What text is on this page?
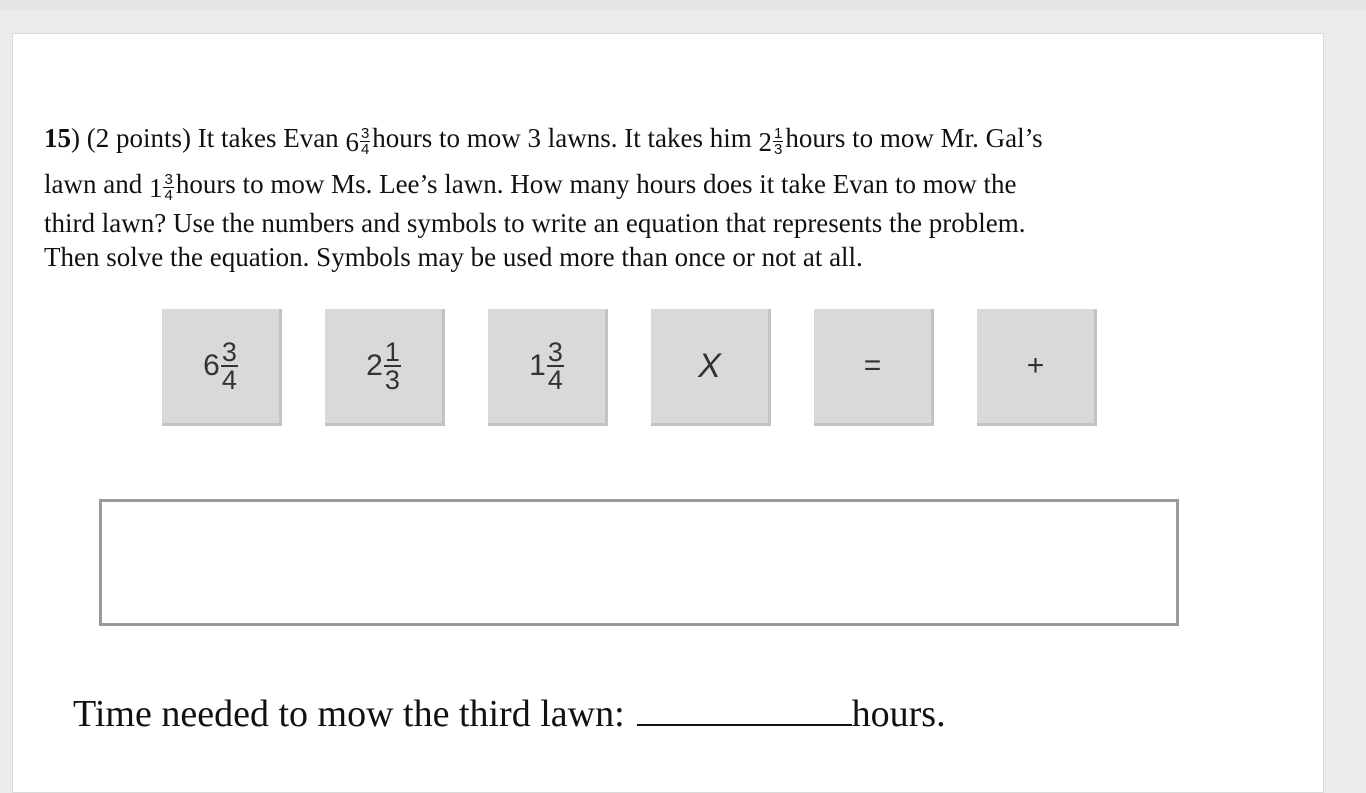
15) (2 points) It takes Evan $6 \frac{3}{4}$ hours to mow 3 lawns. It takes him $2 \frac{1}{3}$ hours to mow Mr. Gal’s
lawn and $1 \frac{3}{4}$ hours to mow Ms. Lee’s lawn. How many hours does it take Evan to mow the
third lawn? Use the numbers and symbols to write an equation that represents the problem.
Then solve the equation. Symbols may be used more than once or not at all.
$6 \frac{3}{4}$	$2 \frac{1}{3}$	$1 \frac{3}{4}$	X	=	+
Time needed to mow the third lawn:	hours.
